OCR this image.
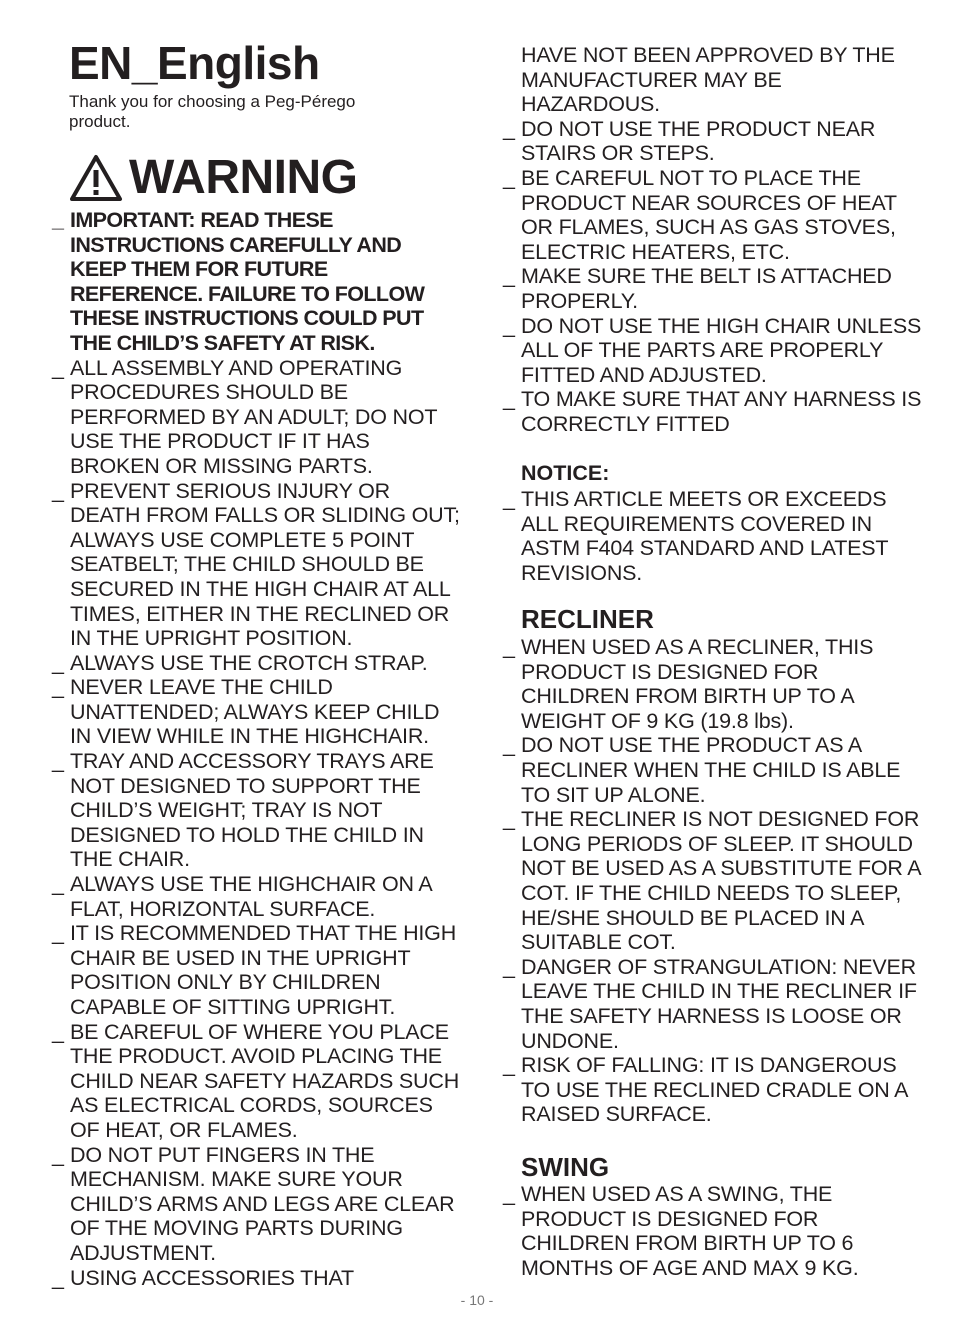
EN_English

Thank you for choosing a Peg-Pérego product.

WARNING
_ IMPORTANT: READ THESE INSTRUCTIONS CAREFULLY AND KEEP THEM FOR FUTURE REFERENCE. FAILURE TO FOLLOW THESE INSTRUCTIONS COULD PUT THE CHILD’S SAFETY AT RISK.
_ ALL ASSEMBLY AND OPERATING PROCEDURES SHOULD BE PERFORMED BY AN ADULT; DO NOT USE THE PRODUCT IF IT HAS BROKEN OR MISSING PARTS.
_ PREVENT SERIOUS INJURY OR DEATH FROM FALLS OR SLIDING OUT; ALWAYS USE COMPLETE 5 POINT SEATBELT; THE CHILD SHOULD BE SECURED IN THE HIGH CHAIR AT ALL TIMES, EITHER IN THE RECLINED OR IN THE UPRIGHT POSITION.
_ ALWAYS USE THE CROTCH STRAP.
_ NEVER LEAVE THE CHILD UNATTENDED; ALWAYS KEEP CHILD IN VIEW WHILE IN THE HIGHCHAIR.
_ TRAY AND ACCESSORY TRAYS ARE NOT DESIGNED TO SUPPORT THE CHILD’S WEIGHT; TRAY IS NOT DESIGNED TO HOLD THE CHILD IN THE CHAIR.
_ ALWAYS USE THE HIGHCHAIR ON A FLAT, HORIZONTAL SURFACE.
_ IT IS RECOMMENDED THAT THE HIGH CHAIR BE USED IN THE UPRIGHT POSITION ONLY BY CHILDREN CAPABLE OF SITTING UPRIGHT.
_ BE CAREFUL OF WHERE YOU PLACE THE PRODUCT. AVOID PLACING THE CHILD NEAR SAFETY HAZARDS SUCH AS ELECTRICAL CORDS, SOURCES OF HEAT, OR FLAMES.
_ DO NOT PUT FINGERS IN THE MECHANISM. MAKE SURE YOUR CHILD’S ARMS AND LEGS ARE CLEAR OF THE MOVING PARTS DURING ADJUSTMENT.
_ USING ACCESSORIES THAT
HAVE NOT BEEN APPROVED BY THE MANUFACTURER MAY BE HAZARDOUS.
_ DO NOT USE THE PRODUCT NEAR STAIRS OR STEPS.
_ BE CAREFUL NOT TO PLACE THE PRODUCT NEAR SOURCES OF HEAT OR FLAMES, SUCH AS GAS STOVES, ELECTRIC HEATERS, ETC.
_ MAKE SURE THE BELT IS ATTACHED PROPERLY.
_ DO NOT USE THE HIGH CHAIR UNLESS ALL OF THE PARTS ARE PROPERLY FITTED AND ADJUSTED.
_ TO MAKE SURE THAT ANY HARNESS IS CORRECTLY FITTED
NOTICE:
_ THIS ARTICLE MEETS OR EXCEEDS ALL REQUIREMENTS COVERED IN ASTM F404 STANDARD AND LATEST REVISIONS.
RECLINER
_ WHEN USED AS A RECLINER, THIS PRODUCT IS DESIGNED FOR CHILDREN FROM BIRTH UP TO A WEIGHT OF 9 KG (19.8 lbs).
_ DO NOT USE THE PRODUCT AS A RECLINER WHEN THE CHILD IS ABLE TO SIT UP ALONE.
_ THE RECLINER IS NOT DESIGNED FOR LONG PERIODS OF SLEEP. IT SHOULD NOT BE USED AS A SUBSTITUTE FOR A COT. IF THE CHILD NEEDS TO SLEEP, HE/SHE SHOULD BE PLACED IN A SUITABLE COT.
_ DANGER OF STRANGULATION: NEVER LEAVE THE CHILD IN THE RECLINER IF THE SAFETY HARNESS IS LOOSE OR UNDONE.
_ RISK OF FALLING: IT IS DANGEROUS TO USE THE RECLINED CRADLE ON A RAISED SURFACE.
SWING
_ WHEN USED AS A SWING, THE PRODUCT IS DESIGNED FOR CHILDREN FROM BIRTH UP TO 6 MONTHS OF AGE AND MAX 9 KG.
- 10 -
